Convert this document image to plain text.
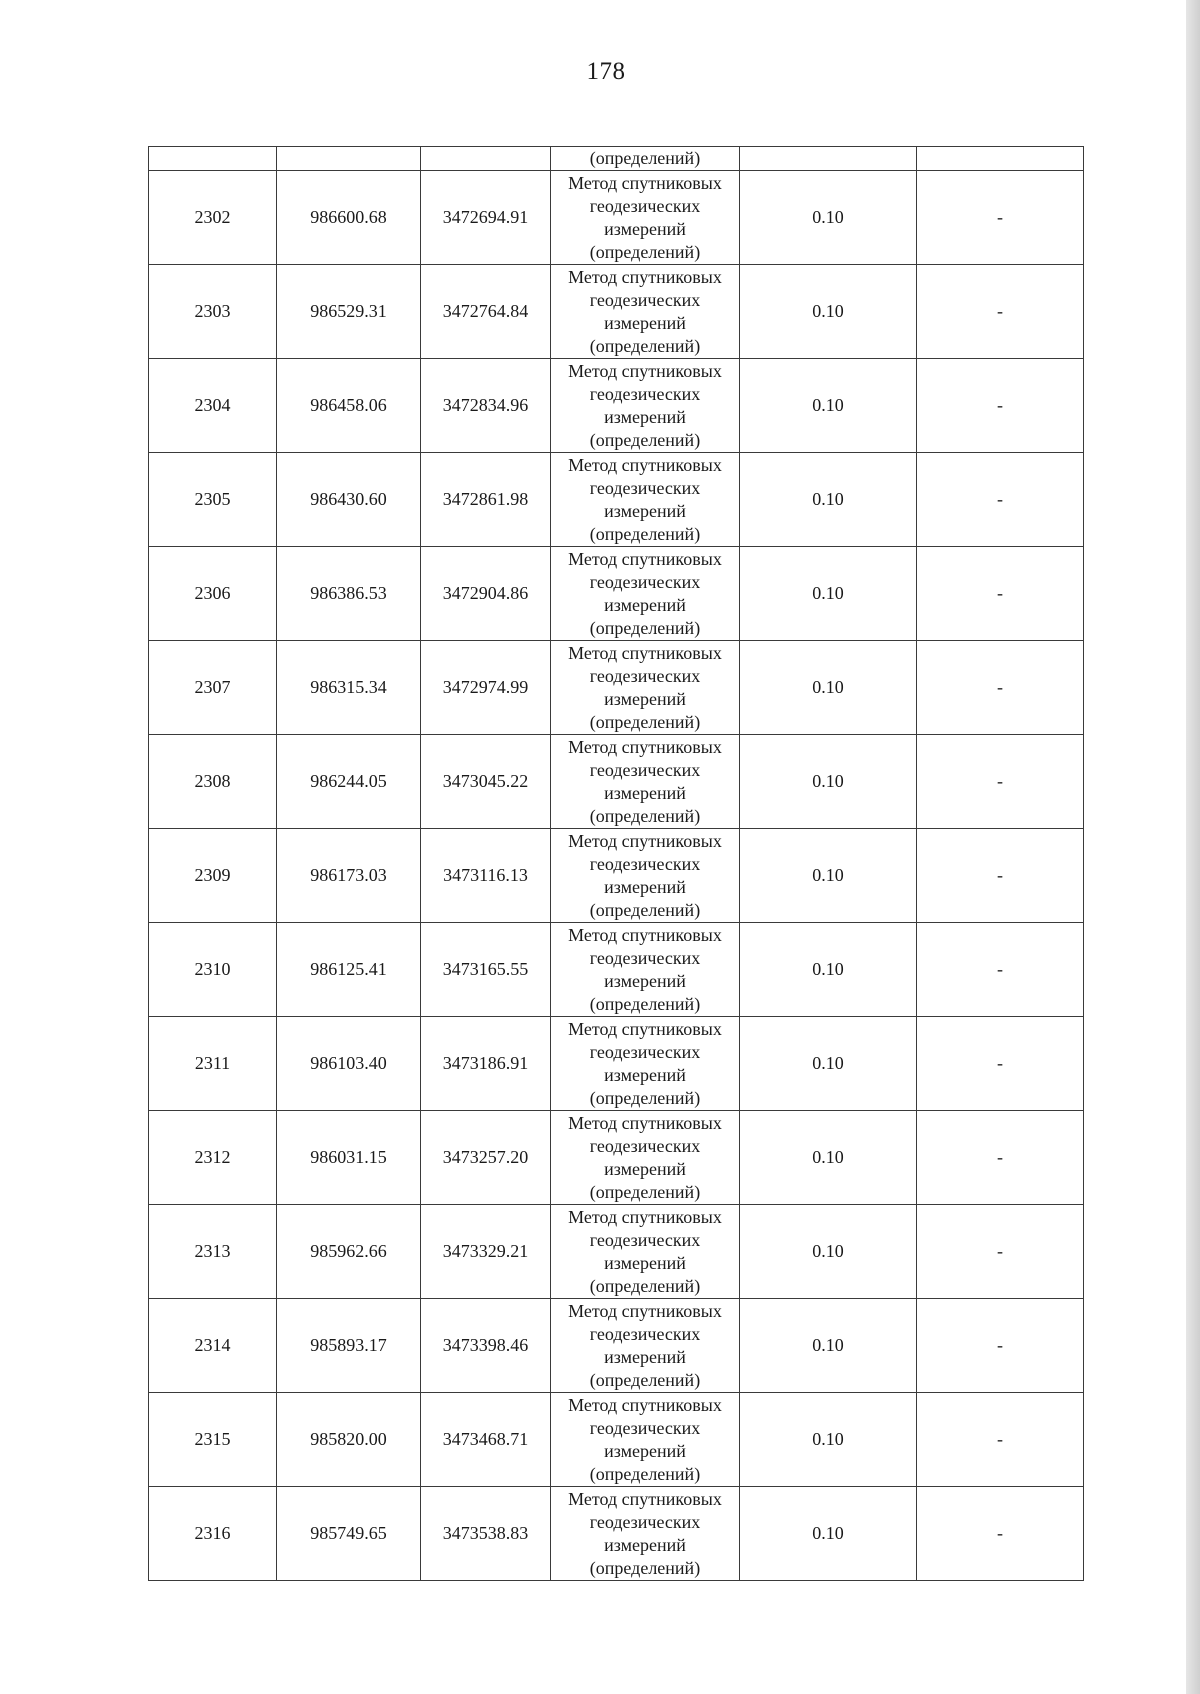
178
			(определений)		
2302	986600.68	3472694.91	Метод спутниковых
геодезических
измерений
(определений)	0.10	-
2303	986529.31	3472764.84	Метод спутниковых
геодезических
измерений
(определений)	0.10	-
2304	986458.06	3472834.96	Метод спутниковых
геодезических
измерений
(определений)	0.10	-
2305	986430.60	3472861.98	Метод спутниковых
геодезических
измерений
(определений)	0.10	-
2306	986386.53	3472904.86	Метод спутниковых
геодезических
измерений
(определений)	0.10	-
2307	986315.34	3472974.99	Метод спутниковых
геодезических
измерений
(определений)	0.10	-
2308	986244.05	3473045.22	Метод спутниковых
геодезических
измерений
(определений)	0.10	-
2309	986173.03	3473116.13	Метод спутниковых
геодезических
измерений
(определений)	0.10	-
2310	986125.41	3473165.55	Метод спутниковых
геодезических
измерений
(определений)	0.10	-
2311	986103.40	3473186.91	Метод спутниковых
геодезических
измерений
(определений)	0.10	-
2312	986031.15	3473257.20	Метод спутниковых
геодезических
измерений
(определений)	0.10	-
2313	985962.66	3473329.21	Метод спутниковых
геодезических
измерений
(определений)	0.10	-
2314	985893.17	3473398.46	Метод спутниковых
геодезических
измерений
(определений)	0.10	-
2315	985820.00	3473468.71	Метод спутниковых
геодезических
измерений
(определений)	0.10	-
2316	985749.65	3473538.83	Метод спутниковых
геодезических
измерений
(определений)	0.10	-
